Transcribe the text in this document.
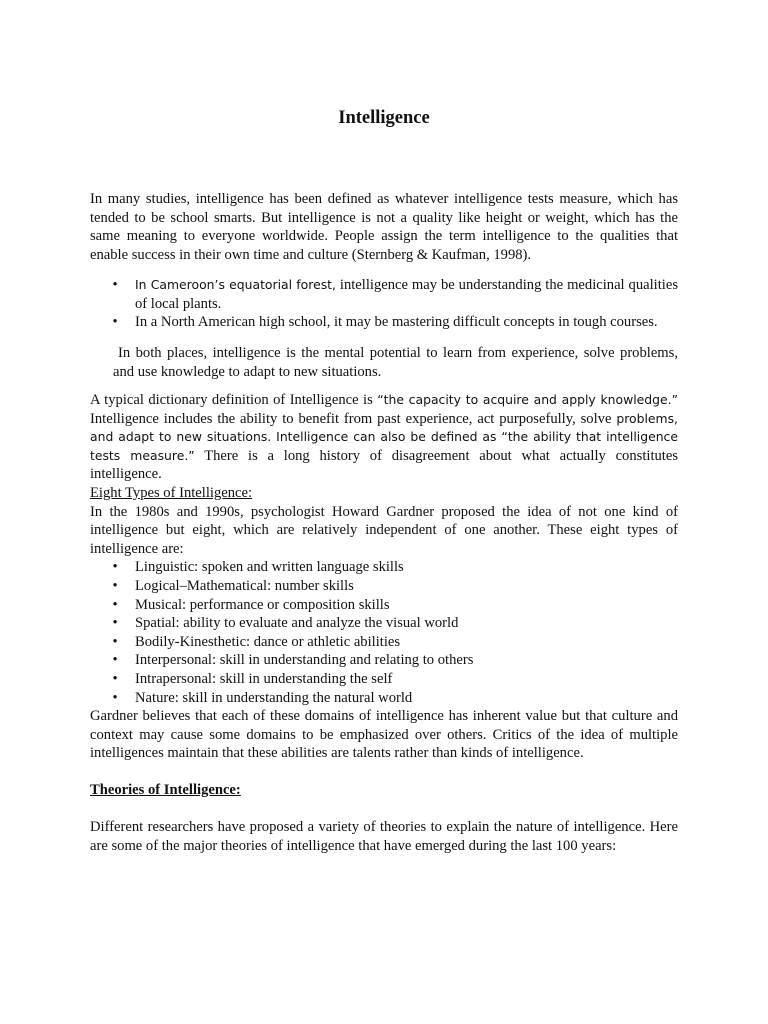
Intelligence

In many studies, intelligence has been defined as whatever intelligence tests measure, which has tended to be school smarts. But intelligence is not a quality like height or weight, which has the same meaning to everyone worldwide. People assign the term intelligence to the qualities that enable success in their own time and culture (Sternberg & Kaufman, 1998).

• In Cameroon’s equatorial forest, intelligence may be understanding the medicinal qualities of local plants.
• In a North American high school, it may be mastering difficult concepts in tough courses.

In both places, intelligence is the mental potential to learn from experience, solve problems, and use knowledge to adapt to new situations.

A typical dictionary definition of Intelligence is “the capacity to acquire and apply knowledge.” Intelligence includes the ability to benefit from past experience, act purposefully, solve problems, and adapt to new situations. Intelligence can also be defined as “the ability that intelligence tests measure.” There is a long history of disagreement about what actually constitutes intelligence.

Eight Types of Intelligence:

In the 1980s and 1990s, psychologist Howard Gardner proposed the idea of not one kind of intelligence but eight, which are relatively independent of one another. These eight types of intelligence are:

• Linguistic: spoken and written language skills
• Logical–Mathematical: number skills
• Musical: performance or composition skills
• Spatial: ability to evaluate and analyze the visual world
• Bodily-Kinesthetic: dance or athletic abilities
• Interpersonal: skill in understanding and relating to others
• Intrapersonal: skill in understanding the self
• Nature: skill in understanding the natural world

Gardner believes that each of these domains of intelligence has inherent value but that culture and context may cause some domains to be emphasized over others. Critics of the idea of multiple intelligences maintain that these abilities are talents rather than kinds of intelligence.

Theories of Intelligence:

Different researchers have proposed a variety of theories to explain the nature of intelligence. Here are some of the major theories of intelligence that have emerged during the last 100 years:
